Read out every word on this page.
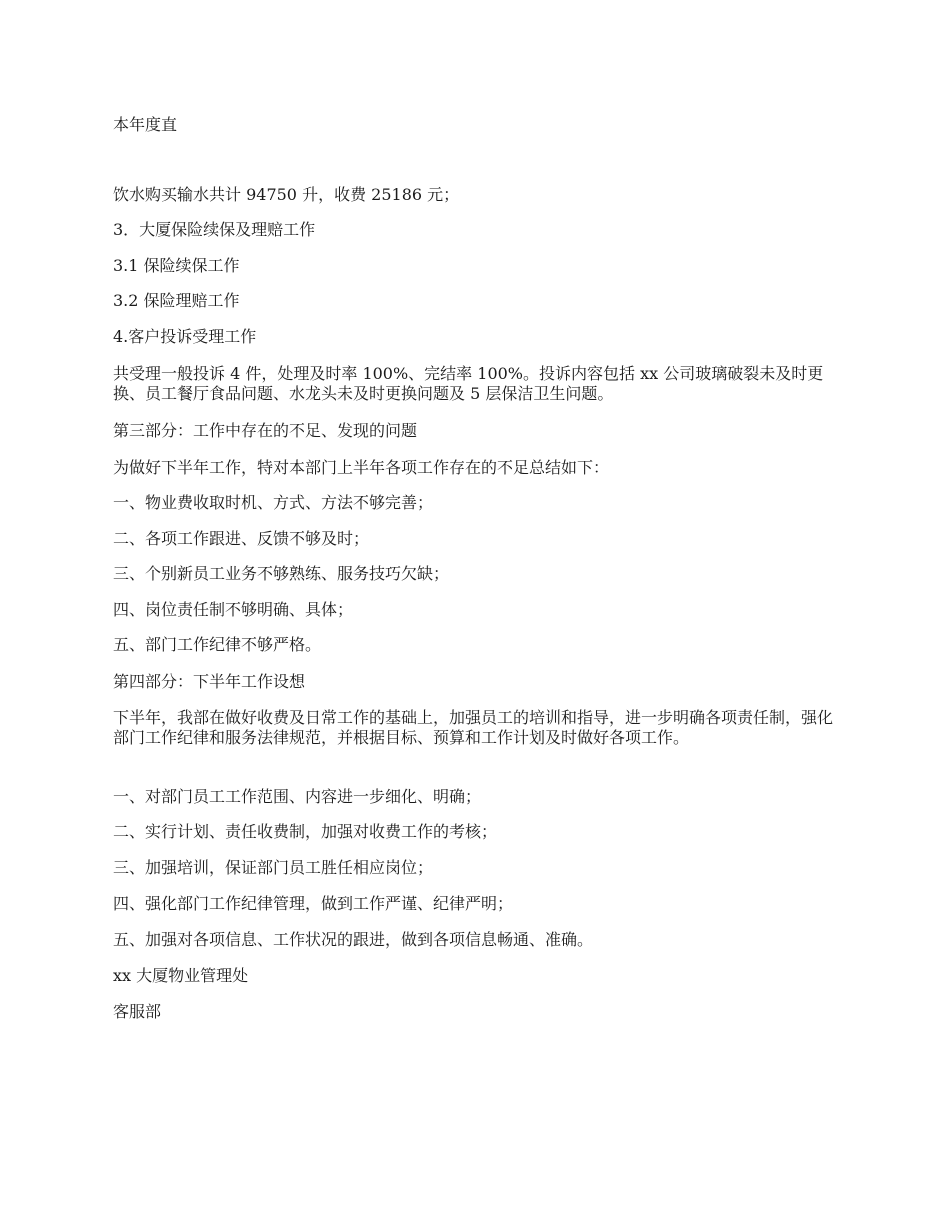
本年度直
饮水购买输水共计 94750 升，收费 25186 元；
3．大厦保险续保及理赔工作
3.1 保险续保工作
3.2 保险理赔工作
4.客户投诉受理工作
共受理一般投诉 4 件，处理及时率 100%、完结率 100%。投诉内容包括 xx 公司玻璃破裂未及时更换、员工餐厅食品问题、水龙头未及时更换问题及 5 层保洁卫生问题。
第三部分：工作中存在的不足、发现的问题
为做好下半年工作，特对本部门上半年各项工作存在的不足总结如下：
一、物业费收取时机、方式、方法不够完善；
二、各项工作跟进、反馈不够及时；
三、个别新员工业务不够熟练、服务技巧欠缺；
四、岗位责任制不够明确、具体；
五、部门工作纪律不够严格。
第四部分：下半年工作设想
下半年，我部在做好收费及日常工作的基础上，加强员工的培训和指导，进一步明确各项责任制，强化部门工作纪律和服务法律规范，并根据目标、预算和工作计划及时做好各项工作。
一、对部门员工工作范围、内容进一步细化、明确；
二、实行计划、责任收费制，加强对收费工作的考核；
三、加强培训，保证部门员工胜任相应岗位；
四、强化部门工作纪律管理，做到工作严谨、纪律严明；
五、加强对各项信息、工作状况的跟进，做到各项信息畅通、准确。
xx 大厦物业管理处
客服部
